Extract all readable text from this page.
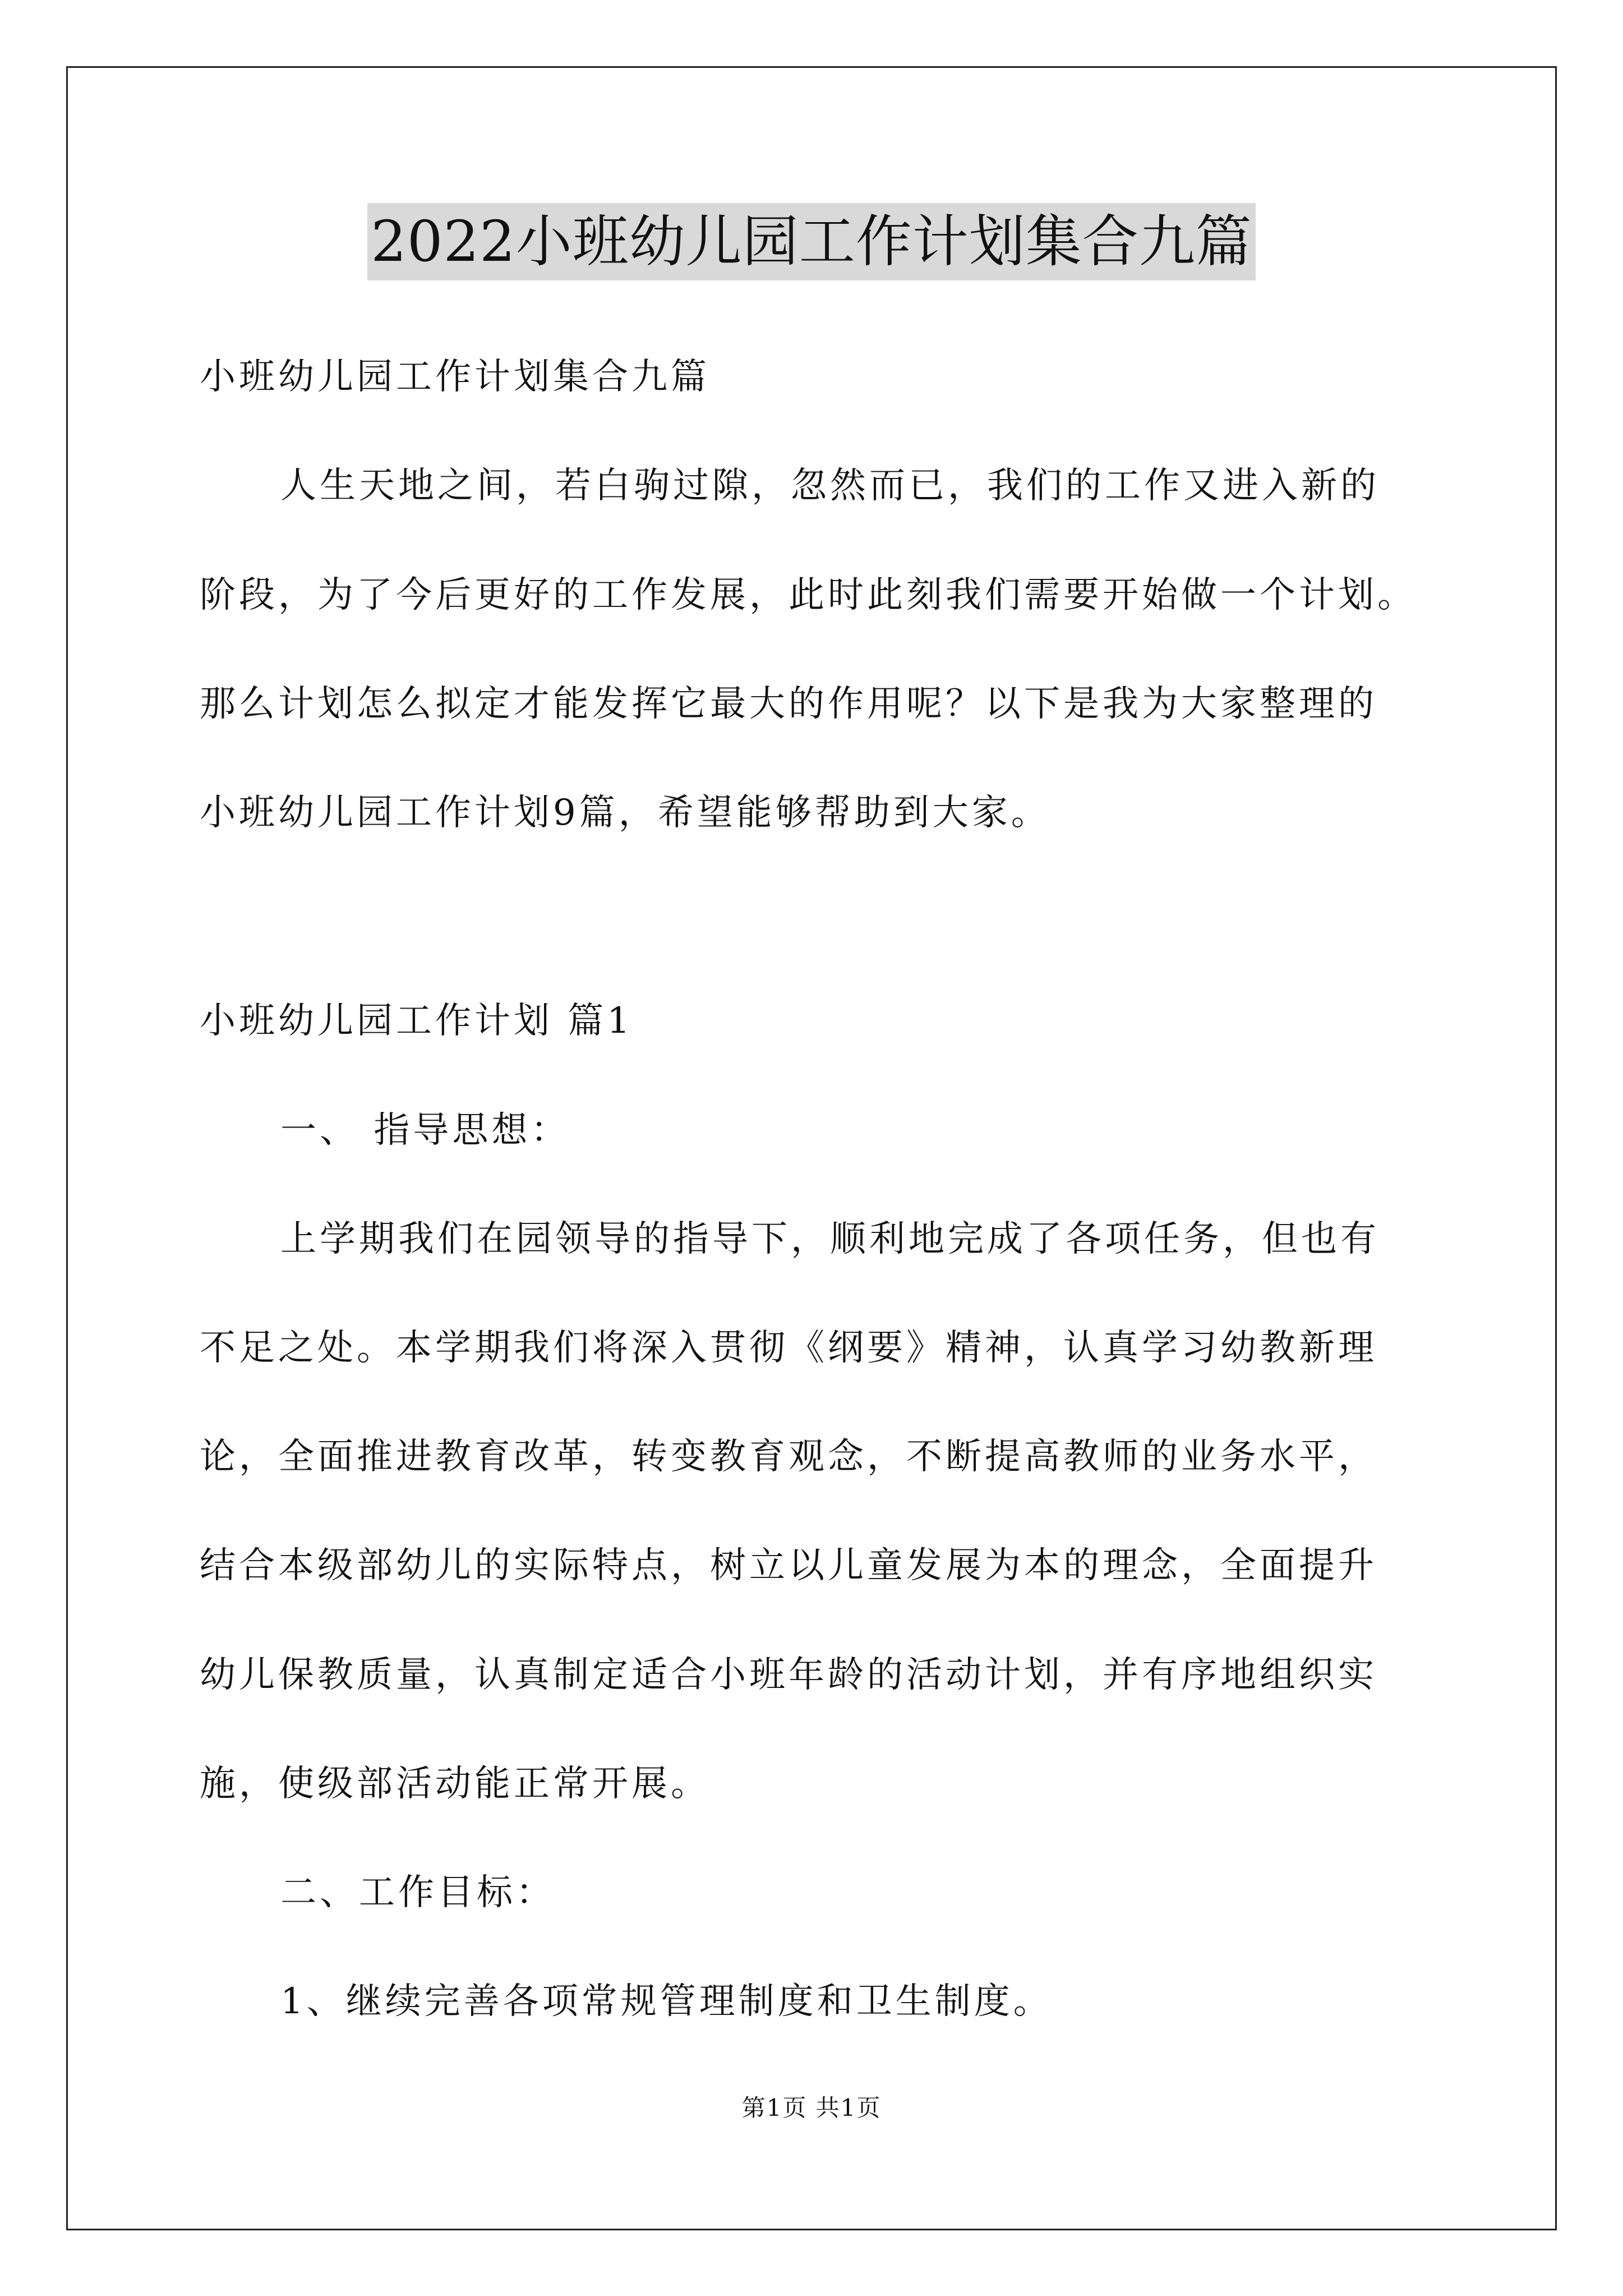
2022小班幼儿园工作计划集合九篇
小班幼儿园工作计划集合九篇
人生天地之间，若白驹过隙，忽然而已，我们的工作又进入新的
阶段，为了今后更好的工作发展，此时此刻我们需要开始做一个计划。
那么计划怎么拟定才能发挥它最大的作用呢？以下是我为大家整理的
小班幼儿园工作计划9篇，希望能够帮助到大家。
小班幼儿园工作计划 篇1
一、 指导思想：
上学期我们在园领导的指导下，顺利地完成了各项任务，但也有
不足之处。本学期我们将深入贯彻《纲要》精神，认真学习幼教新理
论，全面推进教育改革，转变教育观念，不断提高教师的业务水平，
结合本级部幼儿的实际特点，树立以儿童发展为本的理念，全面提升
幼儿保教质量，认真制定适合小班年龄的活动计划，并有序地组织实
施，使级部活动能正常开展。
二、工作目标：
1、继续完善各项常规管理制度和卫生制度。
第1页 共1页
